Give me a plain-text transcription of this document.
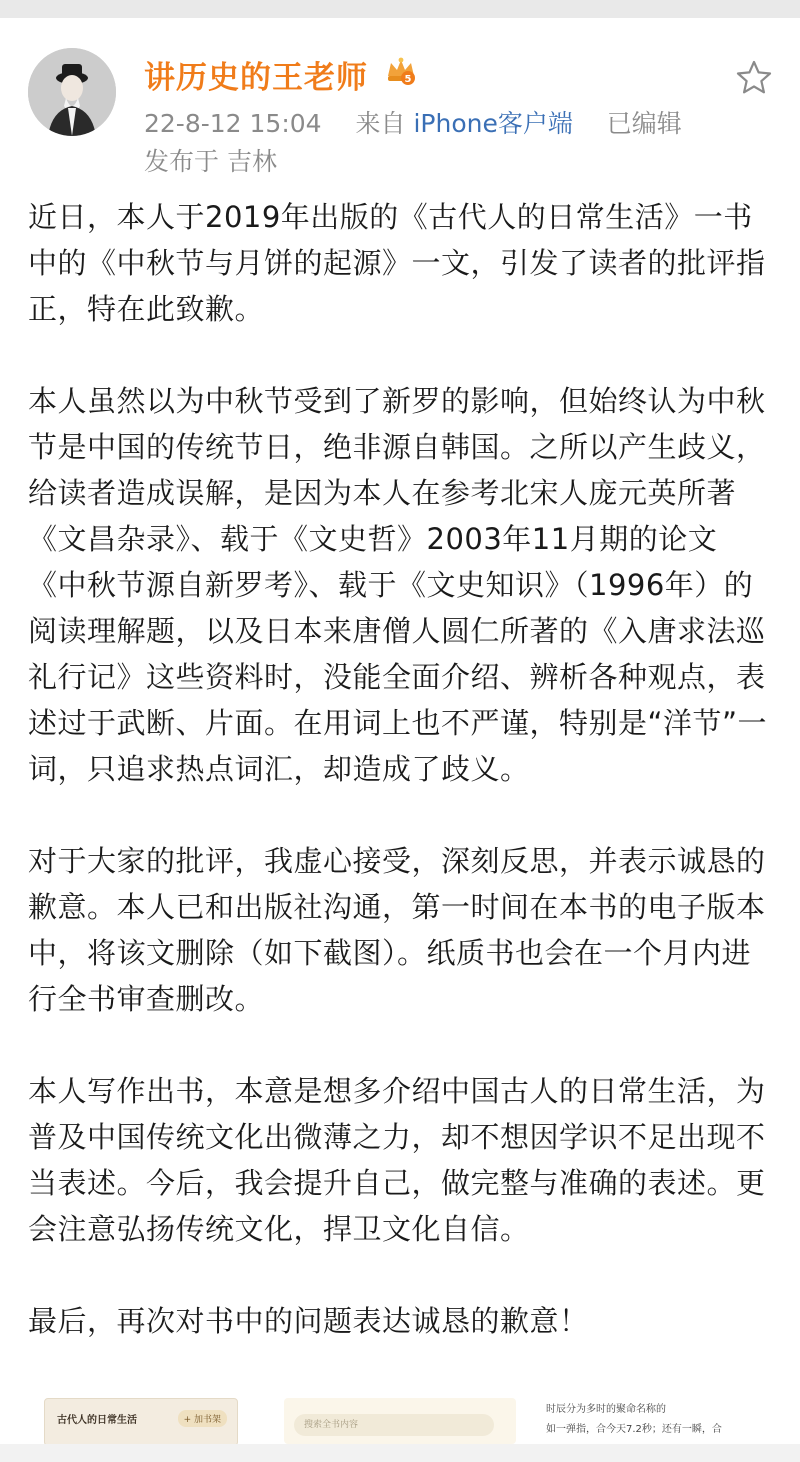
讲历史的王老师	5
22-8-12 15:04 来自 iPhone客户端 已编辑
发布于 吉林

近日，本人于2019年出版的《古代人的日常生活》一书中的《中秋节与月饼的起源》一文，引发了读者的批评指正，特在此致歉。

本人虽然以为中秋节受到了新罗的影响，但始终认为中秋节是中国的传统节日，绝非源自韩国。之所以产生歧义，给读者造成误解，是因为本人在参考北宋人庞元英所著《文昌杂录》、载于《文史哲》2003年11月期的论文《中秋节源自新罗考》、载于《文史知识》（1996年）的阅读理解题，以及日本来唐僧人圆仁所著的《入唐求法巡礼行记》这些资料时，没能全面介绍、辨析各种观点，表述过于武断、片面。在用词上也不严谨，特别是“洋节”一词，只追求热点词汇，却造成了歧义。

对于大家的批评，我虚心接受，深刻反思，并表示诚恳的歉意。本人已和出版社沟通，第一时间在本书的电子版本中，将该文删除（如下截图）。纸质书也会在一个月内进行全书审查删改。

本人写作出书，本意是想多介绍中国古人的日常生活，为普及中国传统文化出微薄之力，却不想因学识不足出现不当表述。今后，我会提升自己，做完整与准确的表述。更会注意弘扬传统文化，捍卫文化自信。

最后，再次对书中的问题表达诚恳的歉意！

古代人的日常生活	+ 加书架	搜索全书内容
时辰分为多时的聚命名称的
如一弹指，合今天7.2秒；还有一瞬，合
